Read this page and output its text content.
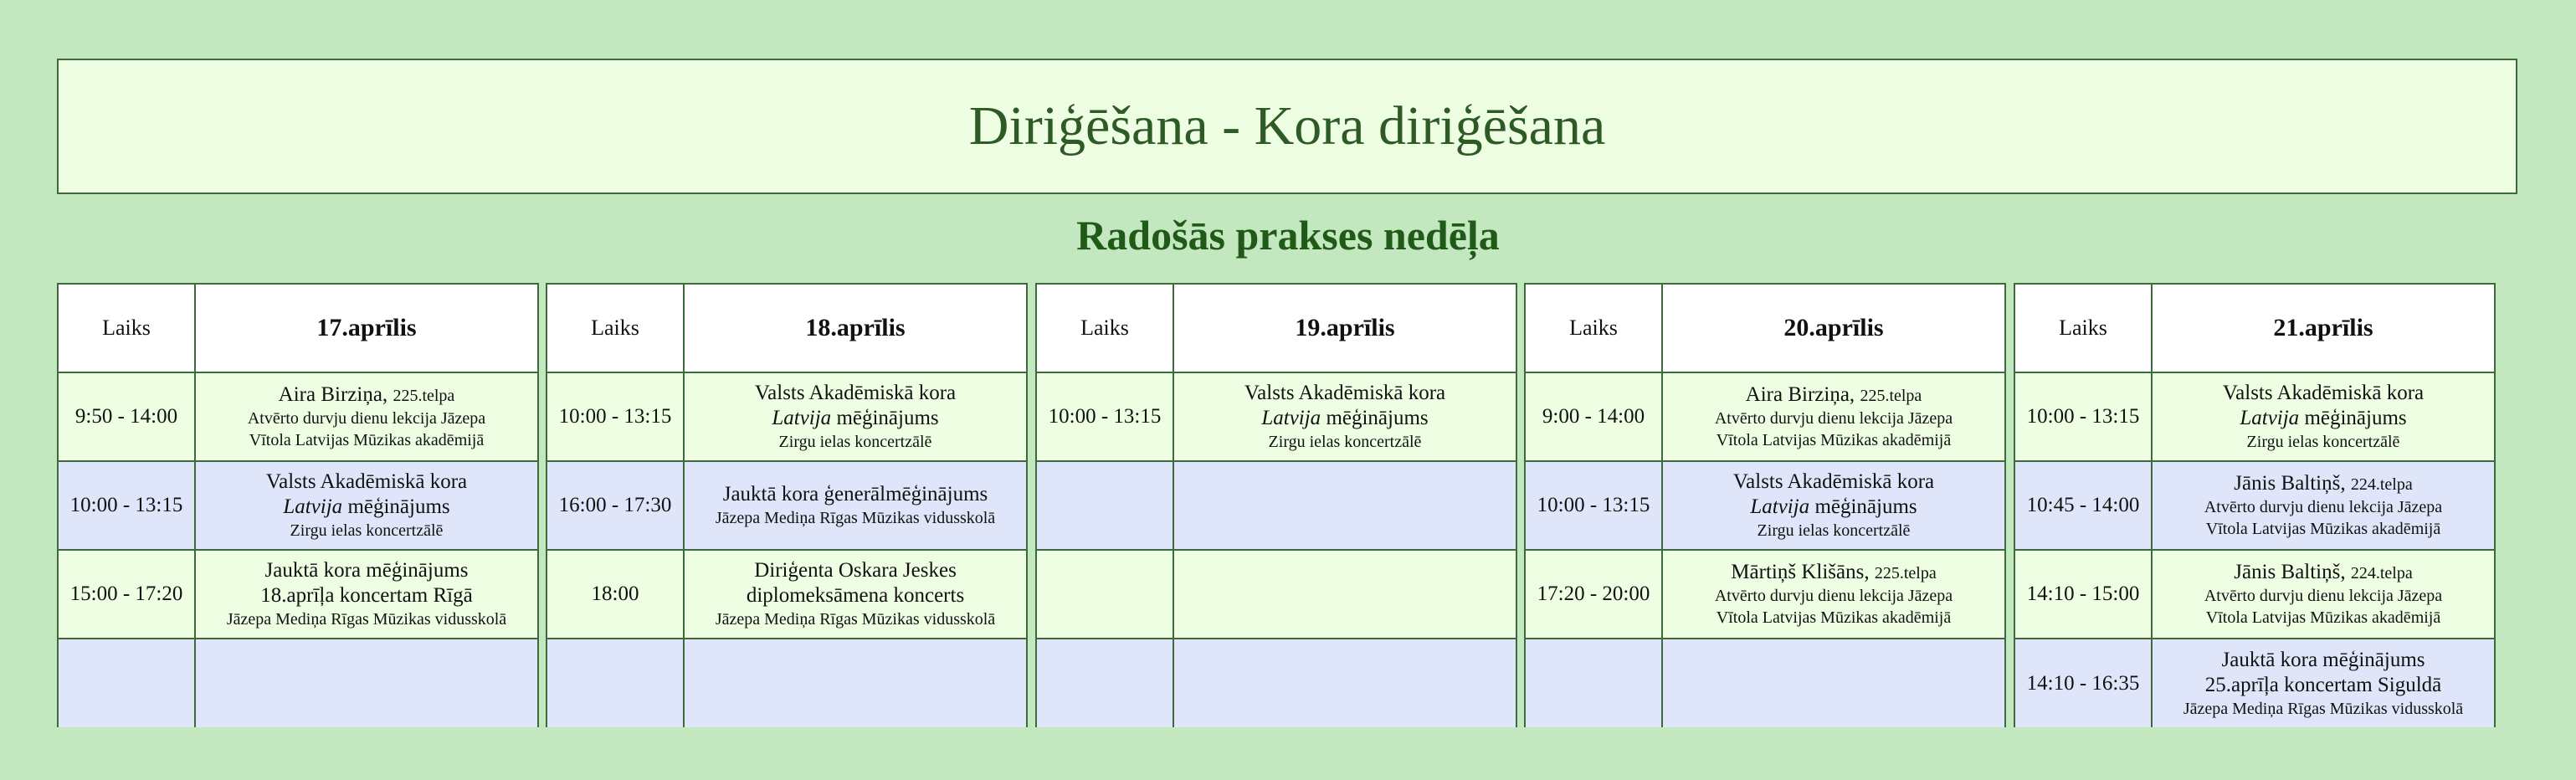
Diriģēšana - Kora diriģēšana
Radošās prakses nedēļa
Laiks	17.aprīlis
9:50 - 14:00
Aira Birziņa, 225.telpa
Atvērto durvju dienu lekcija Jāzepa
Vītola Latvijas Mūzikas akadēmijā
10:00 - 13:15
Valsts Akadēmiskā kora
Latvija mēģinājums
Zirgu ielas koncertzālē
15:00 - 17:20
Jauktā kora mēģinājums
18.aprīļa koncertam Rīgā
Jāzepa Mediņa Rīgas Mūzikas vidusskolā
Laiks	18.aprīlis
10:00 - 13:15
Valsts Akadēmiskā kora
Latvija mēģinājums
Zirgu ielas koncertzālē
16:00 - 17:30 Jauktā kora ģenerālmēģinājums
Jāzepa Mediņa Rīgas Mūzikas vidusskolā
18:00
Diriģenta Oskara Jeskes
diplomeksāmena koncerts
Jāzepa Mediņa Rīgas Mūzikas vidusskolā
Laiks	19.aprīlis
10:00 - 13:15
Valsts Akadēmiskā kora
Latvija mēģinājums
Zirgu ielas koncertzālē
Laiks	20.aprīlis
9:00 - 14:00
Aira Birziņa, 225.telpa
Atvērto durvju dienu lekcija Jāzepa
Vītola Latvijas Mūzikas akadēmijā
10:00 - 13:15
Valsts Akadēmiskā kora
Latvija mēģinājums
Zirgu ielas koncertzālē
17:20 - 20:00
Mārtiņš Klišāns, 225.telpa
Atvērto durvju dienu lekcija Jāzepa
Vītola Latvijas Mūzikas akadēmijā
Laiks	21.aprīlis
10:00 - 13:15
Valsts Akadēmiskā kora
Latvija mēģinājums
Zirgu ielas koncertzālē
10:45 - 14:00
Jānis Baltiņš, 224.telpa
Atvērto durvju dienu lekcija Jāzepa
Vītola Latvijas Mūzikas akadēmijā
14:10 - 15:00
Jānis Baltiņš, 224.telpa
Atvērto durvju dienu lekcija Jāzepa
Vītola Latvijas Mūzikas akadēmijā
14:10 - 16:35
Jauktā kora mēģinājums
25.aprīļa koncertam Siguldā
Jāzepa Mediņa Rīgas Mūzikas vidusskolā
